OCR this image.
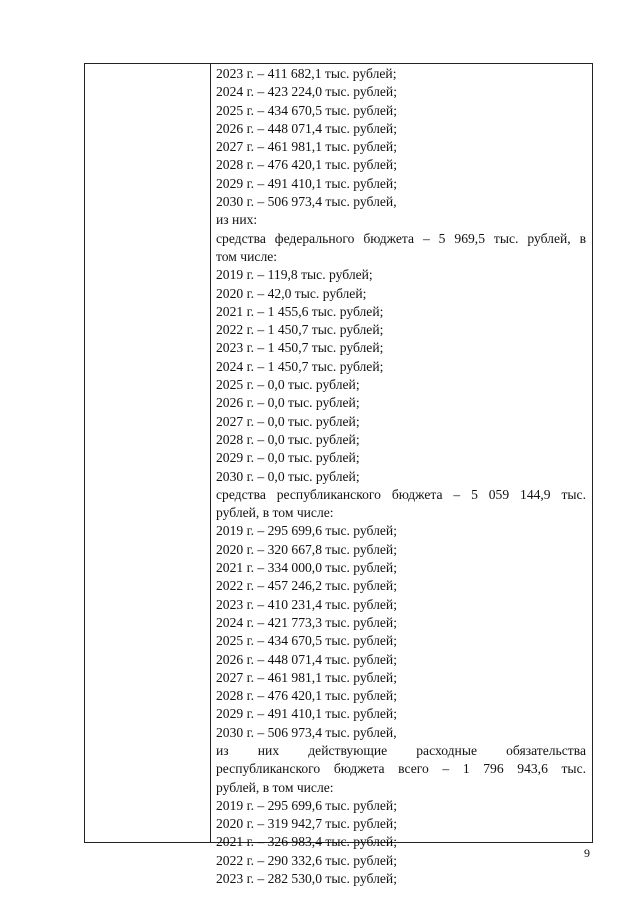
2023 г. – 411 682,1 тыс. рублей;
2024 г. – 423 224,0 тыс. рублей;
2025 г. – 434 670,5 тыс. рублей;
2026 г. – 448 071,4 тыс. рублей;
2027 г. – 461 981,1 тыс. рублей;
2028 г. – 476 420,1 тыс. рублей;
2029 г. – 491 410,1 тыс. рублей;
2030 г. – 506 973,4 тыс. рублей,
из них:
средства федерального бюджета – 5 969,5 тыс. рублей, в
том числе:
2019 г. – 119,8 тыс. рублей;
2020 г. – 42,0 тыс. рублей;
2021 г. – 1 455,6 тыс. рублей;
2022 г. – 1 450,7 тыс. рублей;
2023 г. – 1 450,7 тыс. рублей;
2024 г. – 1 450,7 тыс. рублей;
2025 г. – 0,0 тыс. рублей;
2026 г. – 0,0 тыс. рублей;
2027 г. – 0,0 тыс. рублей;
2028 г. – 0,0 тыс. рублей;
2029 г. – 0,0 тыс. рублей;
2030 г. – 0,0 тыс. рублей;
средства республиканского бюджета – 5 059 144,9 тыс.
рублей, в том числе:
2019 г. – 295 699,6 тыс. рублей;
2020 г. – 320 667,8 тыс. рублей;
2021 г. – 334 000,0 тыс. рублей;
2022 г. – 457 246,2 тыс. рублей;
2023 г. – 410 231,4 тыс. рублей;
2024 г. – 421 773,3 тыс. рублей;
2025 г. – 434 670,5 тыс. рублей;
2026 г. – 448 071,4 тыс. рублей;
2027 г. – 461 981,1 тыс. рублей;
2028 г. – 476 420,1 тыс. рублей;
2029 г. – 491 410,1 тыс. рублей;
2030 г. – 506 973,4 тыс. рублей,
из них действующие расходные обязательства
республиканского бюджета всего – 1 796 943,6 тыс.
рублей, в том числе:
2019 г. – 295 699,6 тыс. рублей;
2020 г. – 319 942,7 тыс. рублей;
2021 г. – 326 983,4 тыс. рублей;
2022 г. – 290 332,6 тыс. рублей;
2023 г. – 282 530,0 тыс. рублей;
9
